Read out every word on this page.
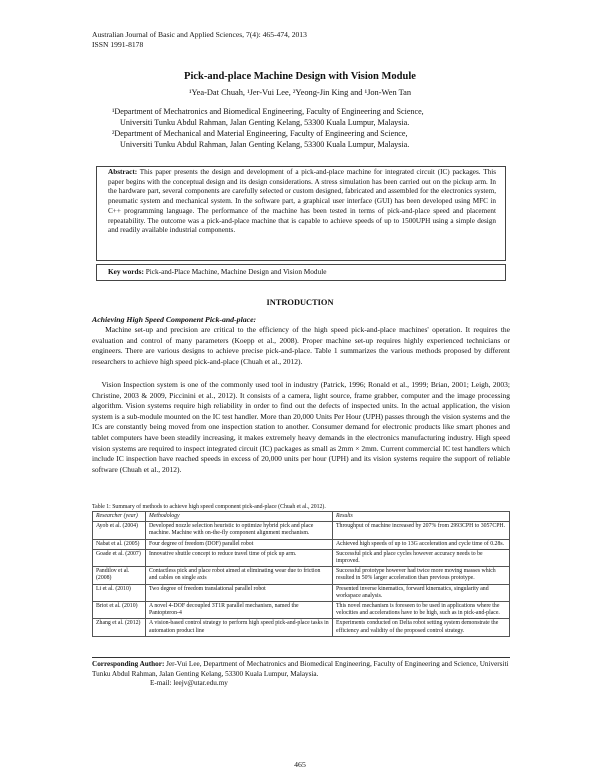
Australian Journal of Basic and Applied Sciences, 7(4): 465-474, 2013
ISSN 1991-8178
Pick-and-place Machine Design with Vision Module
¹Yea-Dat Chuah, ¹Jer-Vui Lee, ²Yeong-Jin King and ¹Jon-Wen Tan
¹Department of Mechatronics and Biomedical Engineering, Faculty of Engineering and Science,
Universiti Tunku Abdul Rahman, Jalan Genting Kelang, 53300 Kuala Lumpur, Malaysia.
²Department of Mechanical and Material Engineering, Faculty of Engineering and Science,
Universiti Tunku Abdul Rahman, Jalan Genting Kelang, 53300 Kuala Lumpur, Malaysia.
Abstract: This paper presents the design and development of a pick-and-place machine for integrated circuit (IC) packages. This paper begins with the conceptual design and its design considerations. A stress simulation has been carried out on the pickup arm. In the hardware part, several components are carefully selected or custom designed, fabricated and assembled for the electronics system, pneumatic system and mechanical system. In the software part, a graphical user interface (GUI) has been developed using MFC in C++ programming language. The performance of the machine has been tested in terms of pick-and-place speed and placement repeatability. The outcome was a pick-and-place machine that is capable to achieve speeds of up to 1500UPH using a simple design and readily available industrial components.
Key words: Pick-and-Place Machine, Machine Design and Vision Module
INTRODUCTION
Achieving High Speed Component Pick-and-place:
Machine set-up and precision are critical to the efficiency of the high speed pick-and-place machines' operation. It requires the evaluation and control of many parameters (Koepp et al., 2008). Proper machine set-up requires highly experienced technicians or engineers. There are various designs to achieve precise pick-and-place. Table 1 summarizes the various methods proposed by different researchers to achieve high speed pick-and-place (Chuah et al., 2012).
Vision Inspection system is one of the commonly used tool in industry (Patrick, 1996; Ronald et al., 1999; Brian, 2001; Leigh, 2003; Christine, 2003 & 2009, Piccinini et al., 2012). It consists of a camera, light source, frame grabber, computer and the image processing algorithm. Vision systems require high reliability in order to find out the defects of inspected units. In the actual application, the vision system is a sub-module mounted on the IC test handler. More than 20,000 Units Per Hour (UPH) passes through the vision systems and the ICs are constantly being moved from one inspection station to another. Consumer demand for electronic products like smart phones and tablet computers have been steadily increasing, it makes extremely heavy demands in the electronics manufacturing industry. High speed vision systems are required to inspect integrated circuit (IC) packages as small as 2mm × 2mm. Current commercial IC test handlers which include IC inspection have reached speeds in excess of 20,000 units per hour (UPH) and its vision systems require the support of reliable software (Chuah et al., 2012).
Table 1: Summary of methods to achieve high speed component pick-and-place (Chuah et al., 2012).
Researcher (year)	Methodology	Results
Ayob et al. (2004)	Developed nozzle selection heuristic to optimize hybrid pick and place machine. Machine with on-the-fly component alignment mechanism.	Throughput of machine increased by 207% from 2993CPH to 3057CPH.
Nabat et al. (2005)	Four degree of freedom (DOF) parallel robot	Achieved high speeds of up to 13G acceleration and cycle time of 0.28s.
Goade et al. (2007)	Innovative shuttle concept to reduce travel time of pick up arm.	Successful pick and place cycles however accuracy needs to be improved.
Pandilov et al. (2008)	Contactless pick and place robot aimed at eliminating wear due to friction and cables on single axis	Successful prototype however had twice more moving masses which resulted in 50% larger acceleration than previous prototype.
Li et al. (2010)	Two degree of freedom translational parallel robot	Presented inverse kinematics, forward kinematics, singularity and workspace analysis.
Briot et al. (2010)	A novel 4-DOF decoupled 3T1R parallel mechanism, named the Pantopteron-4	This novel mechanism is foreseen to be used in applications where the velocities and accelerations have to be high, such as in pick-and-place.
Zhang et al. (2012)	A vision-based control strategy to perform high speed pick-and-place tasks in automation product line	Experiments conducted on Delta robot setting system demonstrate the efficiency and validity of the proposed control strategy.
Corresponding Author: Jer-Vui Lee, Department of Mechatronics and Biomedical Engineering, Faculty of Engineering and Science, Universiti Tunku Abdul Rahman, Jalan Genting Kelang, 53300 Kuala Lumpur, Malaysia.
E-mail: leejv@utar.edu.my
465
